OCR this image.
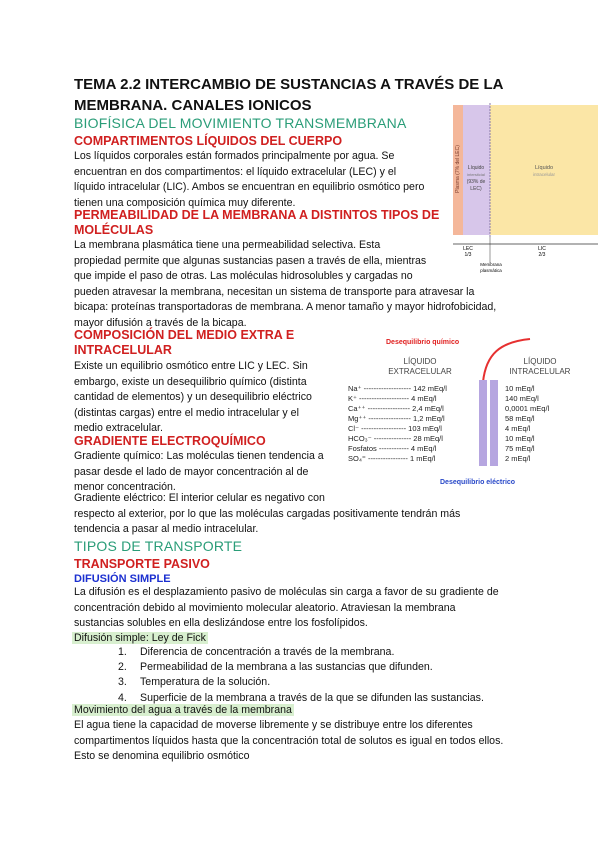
TEMA 2.2 INTERCAMBIO DE SUSTANCIAS A TRAVÉS DE LA MEMBRANA. CANALES IONICOS
BIOFÍSICA DEL MOVIMIENTO TRANSMEMBRANA
COMPARTIMENTOS LÍQUIDOS DEL CUERPO
Los líquidos corporales están formados principalmente por agua. Se
encuentran en dos compartimentos: el líquido extracelular (LEC) y el
líquido intracelular (LIC). Ambos se encuentran en equilibrio osmótico pero
tienen una composición química muy diferente.
PERMEABILIDAD DE LA MEMBRANA A DISTINTOS TIPOS DE
MOLÉCULAS
La membrana plasmática tiene una permeabilidad selectiva. Esta
propiedad permite que algunas sustancias pasen a través de ella, mientras
que impide el paso de otras. Las moléculas hidrosolubles y cargadas no
pueden atravesar la membrana, necesitan un sistema de transporte para atravesar la
bicapa: proteínas transportadoras de membrana. A menor tamaño y mayor hidrofobicidad,
mayor difusión a través de la bicapa.
COMPOSICIÓN DEL MEDIO EXTRA E
INTRACELULAR
Existe un equilibrio osmótico entre LIC y LEC. Sin
embargo, existe un desequilibrio químico (distinta
cantidad de elementos) y un desequilibrio eléctrico
(distintas cargas) entre el medio intracelular y el
medio extracelular.
GRADIENTE ELECTROQUÍMICO
Gradiente químico: Las moléculas tienen tendencia a
pasar desde el lado de mayor concentración al de
menor concentración.
Gradiente eléctrico: El interior celular es negativo con
respecto al exterior, por lo que las moléculas cargadas positivamente tendrán más
tendencia a pasar al medio intracelular.
TIPOS DE TRANSPORTE
TRANSPORTE PASIVO
DIFUSIÓN SIMPLE
La difusión es el desplazamiento pasivo de moléculas sin carga a favor de su gradiente de
concentración debido al movimiento molecular aleatorio. Atraviesan la membrana
sustancias solubles en ella deslizándose entre los fosfolípidos.
Difusión simple: Ley de Fick
1. Diferencia de concentración a través de la membrana.
2. Permeabilidad de la membrana a las sustancias que difunden.
3. Temperatura de la solución.
4. Superficie de la membrana a través de la que se difunden las sustancias.
Movimiento del agua a través de la membrana
El agua tiene la capacidad de moverse libremente y se distribuye entre los diferentes
compartimentos líquidos hasta que la concentración total de solutos es igual en todos ellos.
Esto se denomina equilibrio osmótico
Plasma (7% del LEC) Líquido
intersticial
(93% de
LEC)
Líquido
intracelular
LEC
1/3
LIC
2/3
Membrana
plasmática
Desequilibrio químico
LÍQUIDO
EXTRACELULAR
LÍQUIDO
INTRACELULAR
Na⁺ ------------------- 142 mEq/l	10 mEq/l
K⁺ -------------------- 4 mEq/l	140 mEq/l
Ca⁺⁺ ----------------- 2,4 mEq/l	0,0001 mEq/l
Mg⁺⁺ ----------------- 1,2 mEq/l	58 mEq/l
Cl⁻ ------------------ 103 mEq/l	4 mEq/l
HCO₃⁻ --------------- 28 mEq/l	10 mEq/l
Fosfatos ------------ 4 mEq/l	75 mEq/l
SO₄⁼ ---------------- 1 mEq/l	2 mEq/l
Desequilibrio eléctrico
